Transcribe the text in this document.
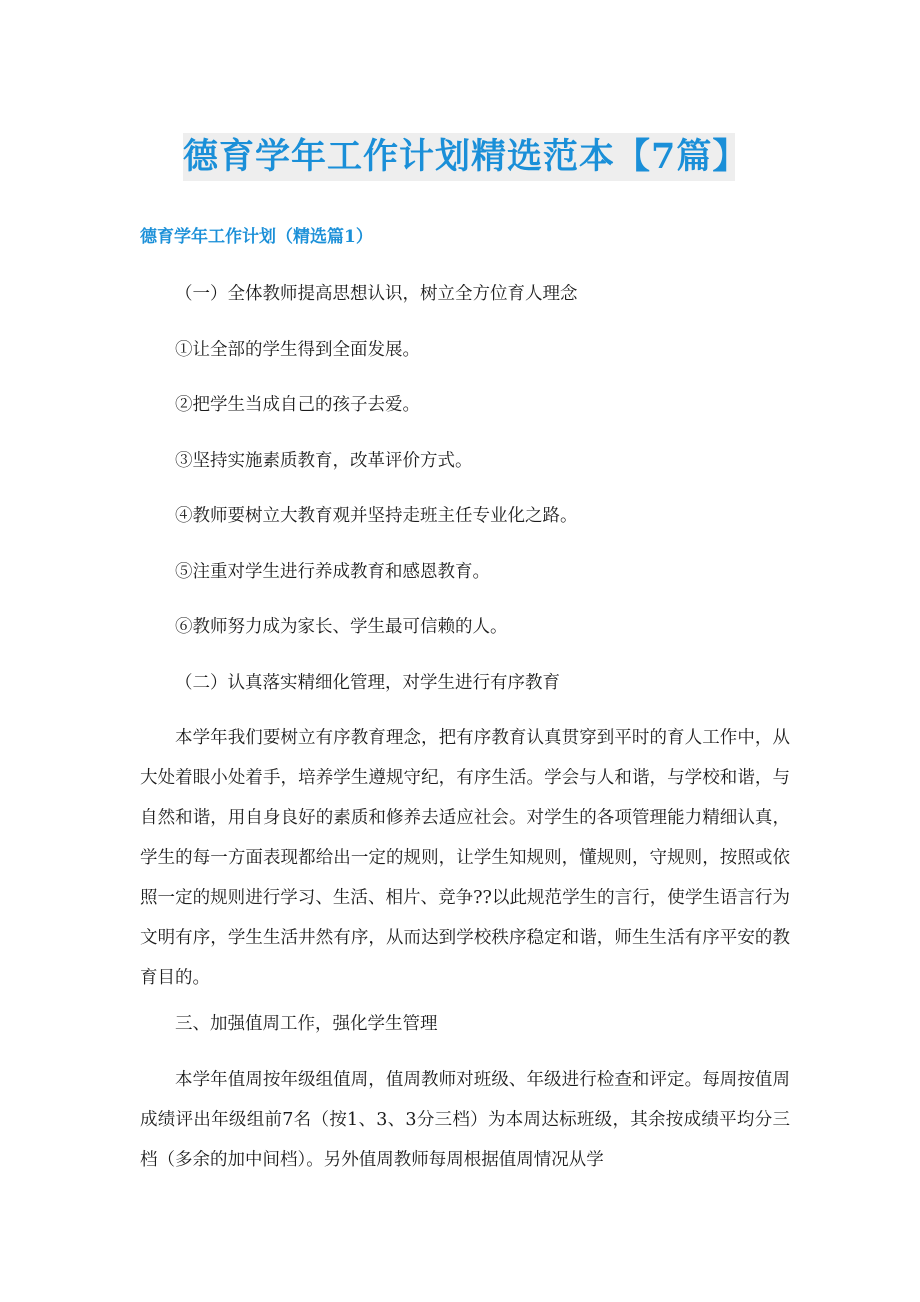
德育学年工作计划精选范本【7篇】
德育学年工作计划（精选篇1）
（一）全体教师提高思想认识，树立全方位育人理念
①让全部的学生得到全面发展。
②把学生当成自己的孩子去爱。
③坚持实施素质教育，改革评价方式。
④教师要树立大教育观并坚持走班主任专业化之路。
⑤注重对学生进行养成教育和感恩教育。
⑥教师努力成为家长、学生最可信赖的人。
（二）认真落实精细化管理，对学生进行有序教育
本学年我们要树立有序教育理念，把有序教育认真贯穿到平时的育人工作中，从大处着眼小处着手，培养学生遵规守纪，有序生活。学会与人和谐，与学校和谐，与自然和谐，用自身良好的素质和修养去适应社会。对学生的各项管理能力精细认真，学生的每一方面表现都给出一定的规则，让学生知规则，懂规则，守规则，按照或依照一定的规则进行学习、生活、相片、竞争??以此规范学生的言行，使学生语言行为文明有序，学生生活井然有序，从而达到学校秩序稳定和谐，师生生活有序平安的教育目的。
三、加强值周工作，强化学生管理
本学年值周按年级组值周，值周教师对班级、年级进行检查和评定。每周按值周成绩评出年级组前7名（按1、3、3分三档）为本周达标班级，其余按成绩平均分三档（多余的加中间档）。另外值周教师每周根据值周情况从学
